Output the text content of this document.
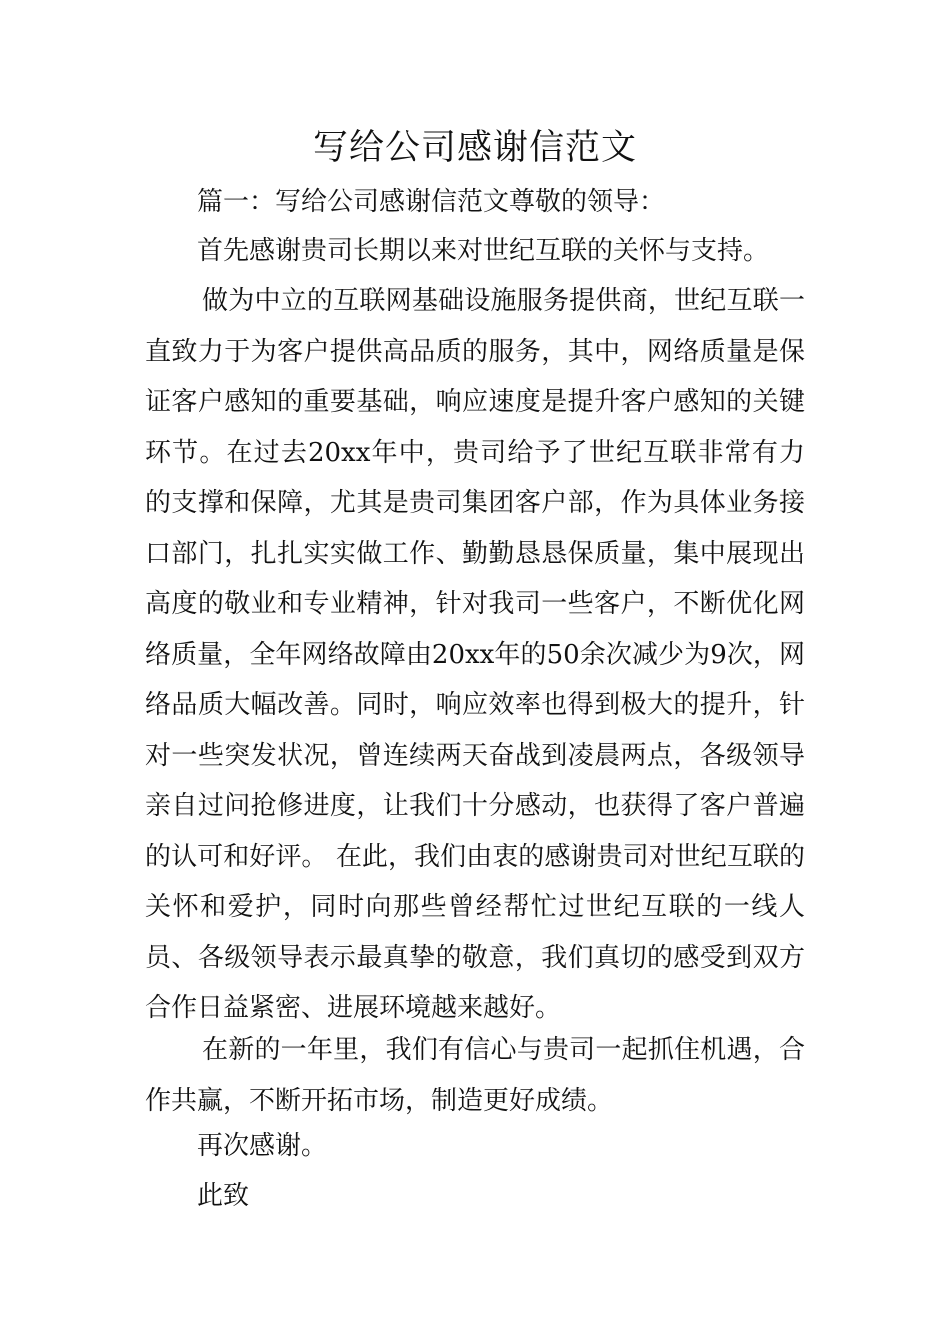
写给公司感谢信范文

篇一：写给公司感谢信范文尊敬的领导：

首先感谢贵司长期以来对世纪互联的关怀与支持。

做为中立的互联网基础设施服务提供商，世纪互联一直致力于为客户提供高品质的服务，其中，网络质量是保证客户感知的重要基础，响应速度是提升客户感知的关键环节。在过去20xx年中，贵司给予了世纪互联非常有力的支撑和保障，尤其是贵司集团客户部，作为具体业务接口部门，扎扎实实做工作、勤勤恳恳保质量，集中展现出高度的敬业和专业精神，针对我司一些客户，不断优化网络质量，全年网络故障由20xx年的50余次减少为9次，网络品质大幅改善。同时，响应效率也得到极大的提升，针对一些突发状况，曾连续两天奋战到凌晨两点，各级领导亲自过问抢修进度，让我们十分感动，也获得了客户普遍的认可和好评。 在此，我们由衷的感谢贵司对世纪互联的关怀和爱护，同时向那些曾经帮忙过世纪互联的一线人员、各级领导表示最真挚的敬意，我们真切的感受到双方合作日益紧密、进展环境越来越好。

在新的一年里，我们有信心与贵司一起抓住机遇，合作共赢，不断开拓市场，制造更好成绩。

再次感谢。

此致
